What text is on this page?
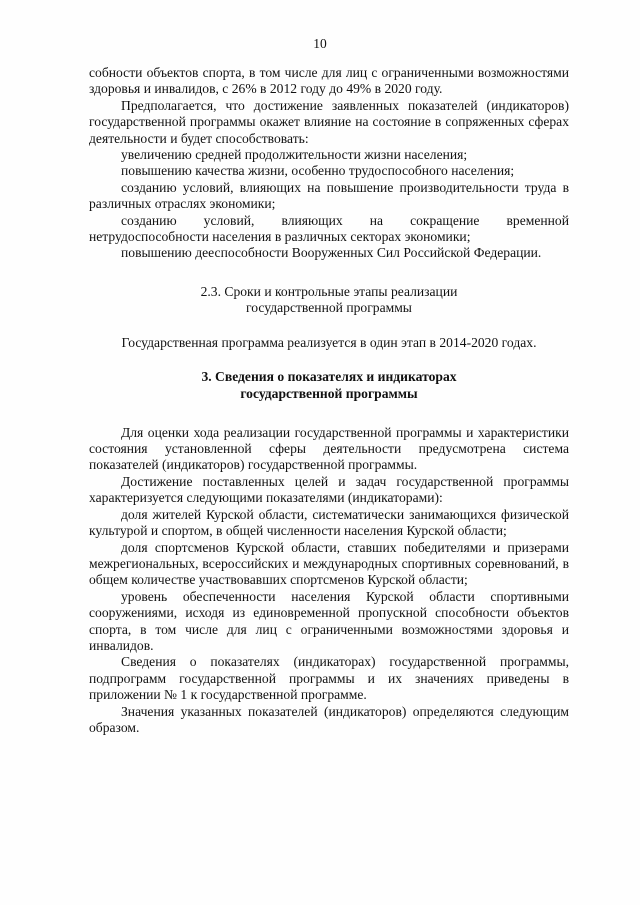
10

собности объектов спорта, в том числе для лиц с ограниченными возможностями здоровья и инвалидов, с 26% в 2012 году до 49% в 2020 году.

Предполагается, что достижение заявленных показателей (индикаторов) государственной программы окажет влияние на состояние в сопряженных сферах деятельности и будет способствовать:

увеличению средней продолжительности жизни населения;

повышению качества жизни, особенно трудоспособного населения;

созданию условий, влияющих на повышение производительности труда в различных отраслях экономики;

созданию условий, влияющих на сокращение временной нетрудоспособности населения в различных секторах экономики;

повышению дееспособности Вооруженных Сил Российской Федерации.

2.3. Сроки и контрольные этапы реализации

государственной программы

Государственная программа реализуется в один этап в 2014-2020 годах.

3. Сведения о показателях и индикаторах

государственной программы

Для оценки хода реализации государственной программы и характеристики состояния установленной сферы деятельности предусмотрена система показателей (индикаторов) государственной программы.

Достижение поставленных целей и задач государственной программы характеризуется следующими показателями (индикаторами):

доля жителей Курской области, систематически занимающихся физической культурой и спортом, в общей численности населения Курской области;

доля спортсменов Курской области, ставших победителями и призерами межрегиональных, всероссийских и международных спортивных соревнований, в общем количестве участвовавших спортсменов Курской области;

уровень обеспеченности населения Курской области спортивными сооружениями, исходя из единовременной пропускной способности объектов спорта, в том числе для лиц с ограниченными возможностями здоровья и инвалидов.

Сведения о показателях (индикаторах) государственной программы, подпрограмм государственной программы и их значениях приведены в приложении № 1 к государственной программе.

Значения указанных показателей (индикаторов) определяются следующим образом.
